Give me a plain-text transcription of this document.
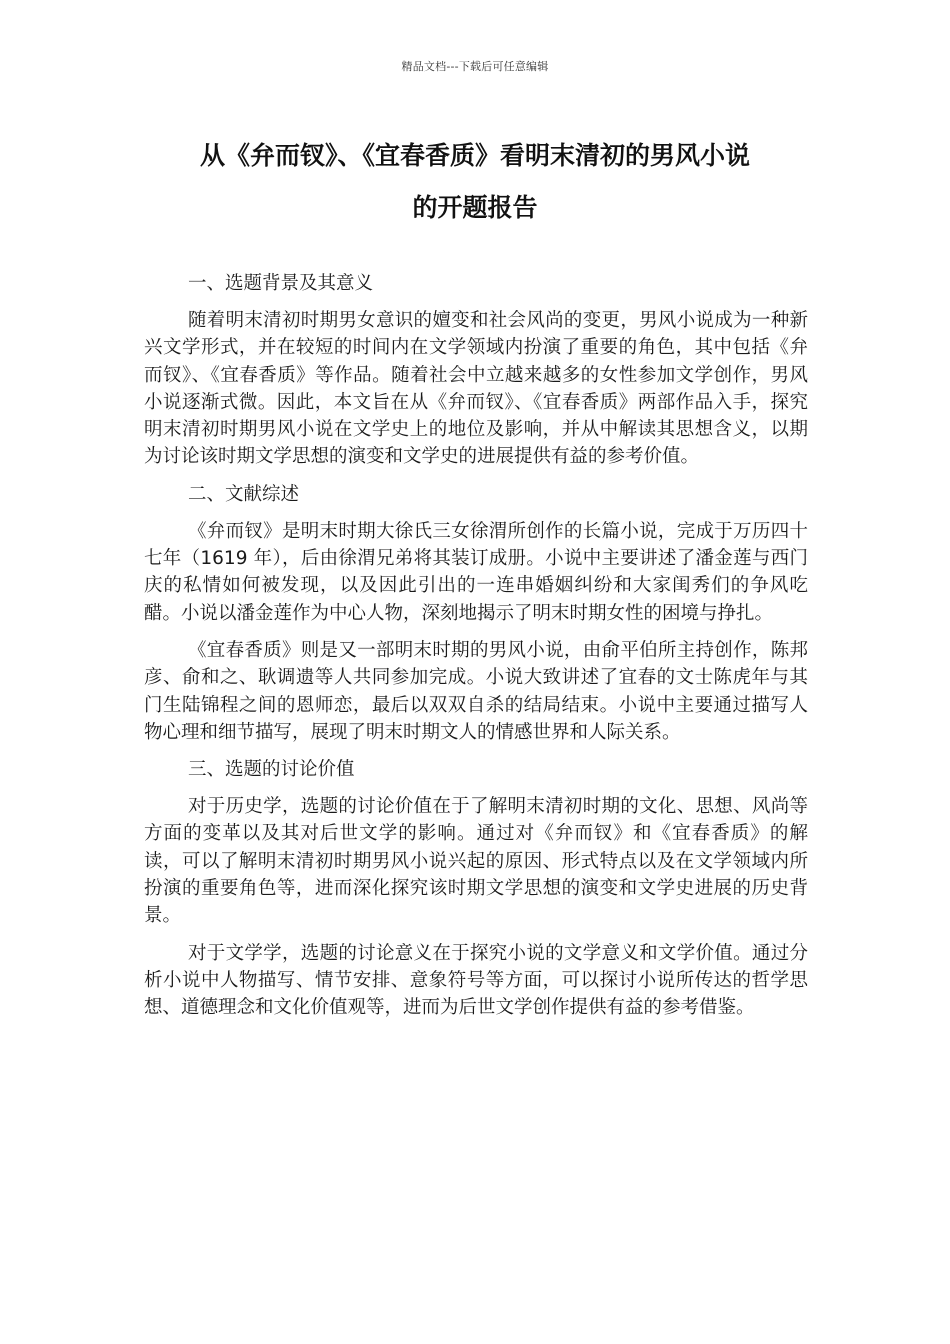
精品文档---下载后可任意编辑
从《弁而钗》、《宜春香质》看明末清初的男风小说
的开题报告

一、选题背景及其意义

随着明末清初时期男女意识的嬗变和社会风尚的变更，男风小说成为一种新兴文学形式，并在较短的时间内在文学领域内扮演了重要的角色，其中包括《弁而钗》、《宜春香质》等作品。随着社会中立越来越多的女性参加文学创作，男风小说逐渐式微。因此，本文旨在从《弁而钗》、《宜春香质》两部作品入手，探究明末清初时期男风小说在文学史上的地位及影响，并从中解读其思想含义，以期为讨论该时期文学思想的演变和文学史的进展提供有益的参考价值。

二、文献综述

《弁而钗》是明末时期大徐氏三女徐渭所创作的长篇小说，完成于万历四十七年（1619 年），后由徐渭兄弟将其装订成册。小说中主要讲述了潘金莲与西门庆的私情如何被发现，以及因此引出的一连串婚姻纠纷和大家闺秀们的争风吃醋。小说以潘金莲作为中心人物，深刻地揭示了明末时期女性的困境与挣扎。

《宜春香质》则是又一部明末时期的男风小说，由俞平伯所主持创作，陈邦彦、俞和之、耿调遗等人共同参加完成。小说大致讲述了宜春的文士陈虎年与其门生陆锦程之间的恩师恋，最后以双双自杀的结局结束。小说中主要通过描写人物心理和细节描写，展现了明末时期文人的情感世界和人际关系。

三、选题的讨论价值

对于历史学，选题的讨论价值在于了解明末清初时期的文化、思想、风尚等方面的变革以及其对后世文学的影响。通过对《弁而钗》和《宜春香质》的解读，可以了解明末清初时期男风小说兴起的原因、形式特点以及在文学领域内所扮演的重要角色等，进而深化探究该时期文学思想的演变和文学史进展的历史背景。

对于文学学，选题的讨论意义在于探究小说的文学意义和文学价值。通过分析小说中人物描写、情节安排、意象符号等方面，可以探讨小说所传达的哲学思想、道德理念和文化价值观等，进而为后世文学创作提供有益的参考借鉴。
